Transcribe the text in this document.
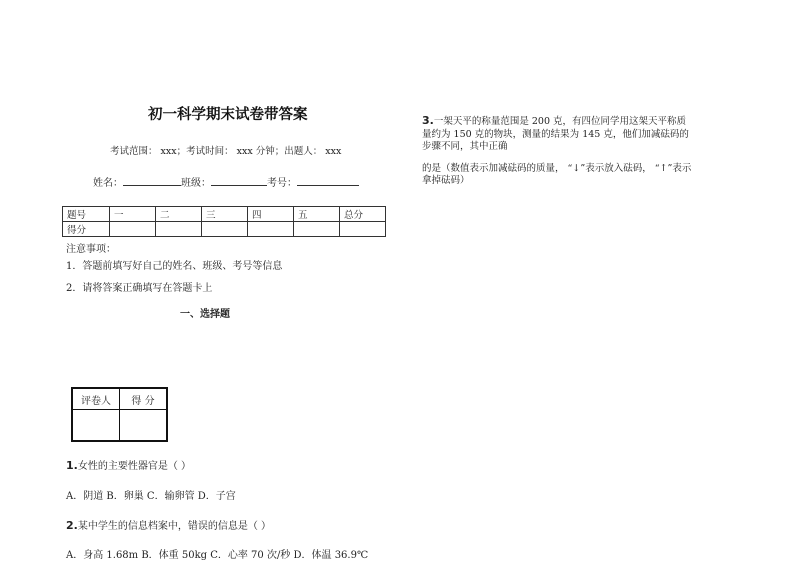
初一科学期末试卷带答案
考试范围： xxx；考试时间： xxx 分钟；出题人： xxx
姓名：	班级：	考号：
题号	一	二	三	四	五	总分
得分						
注意事项：
1．答题前填写好自己的姓名、班级、考号等信息
2．请将答案正确填写在答题卡上
一、选择题
评卷人	得 分

1.女性的主要性器官是（ ）
A．阴道 B．卵巢 C．输卵管 D．子宫
2.某中学生的信息档案中，错误的信息是（ ）
A．身高 1.68m B．体重 50kg C．心率 70 次/秒 D．体温 36.9℃
3.一架天平的称量范围是 200 克，有四位同学用这架天平称质量约为 150 克的物块，测量的结果为 145 克，他们加减砝码的步骤不同，其中正确
的是（数值表示加减砝码的质量， “↓”表示放入砝码， “↑”表示拿掉砝码）
